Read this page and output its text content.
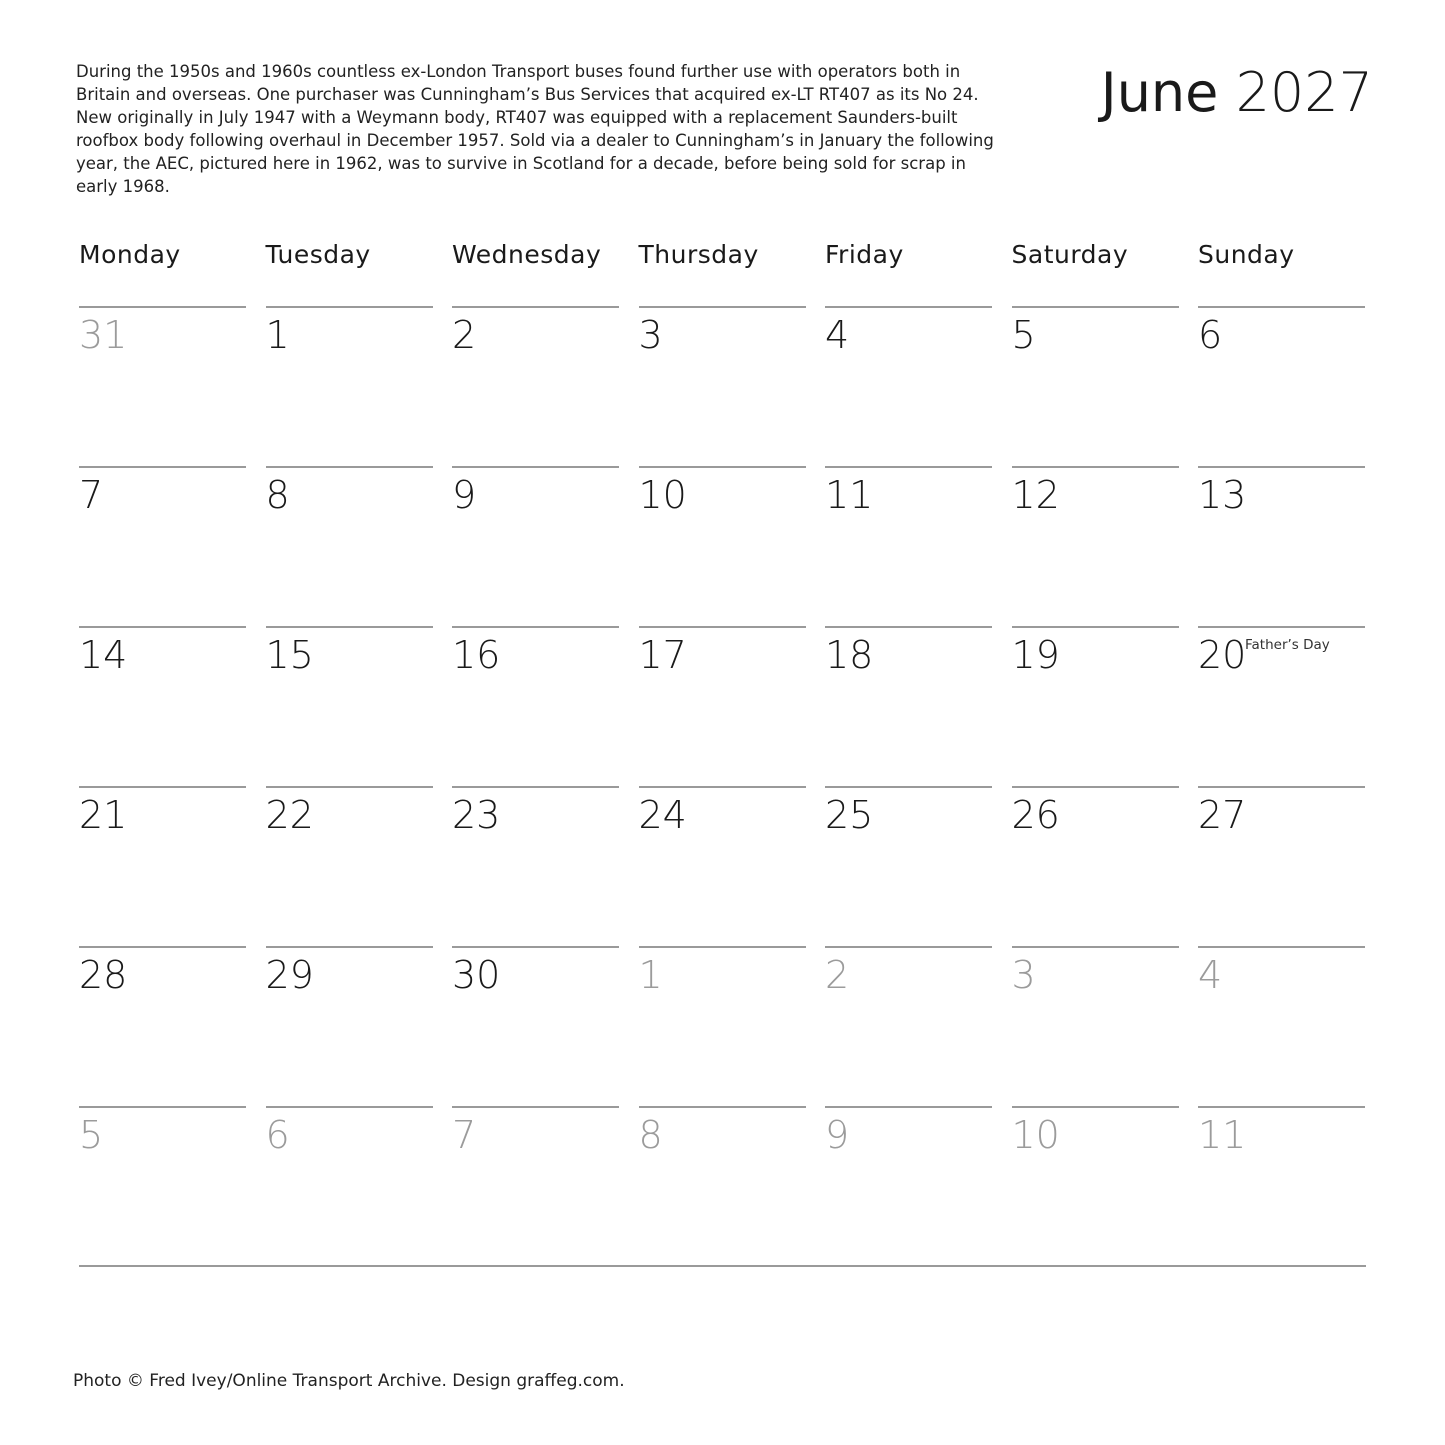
During the 1950s and 1960s countless ex-London Transport buses found further use with operators both in Britain and overseas. One purchaser was Cunningham’s Bus Services that acquired ex-LT RT407 as its No 24. New originally in July 1947 with a Weymann body, RT407 was equipped with a replacement Saunders-built roofbox body following overhaul in December 1957. Sold via a dealer to Cunningham’s in January the following year, the AEC, pictured here in 1962, was to survive in Scotland for a decade, before being sold for scrap in early 1968.

June 2027
Monday	Tuesday	Wednesday	Thursday	Friday	Saturday	Sunday
31	1	2	3	4	5	6
7	8	9	10	11	12	13
14	15	16	17	18	19	20
Father’s Day
21	22	23	24	25	26	27
28	29	30	1	2	3	4
5	6	7	8	9	10	11
Photo © Fred Ivey/Online Transport Archive. Design graffeg.com.
